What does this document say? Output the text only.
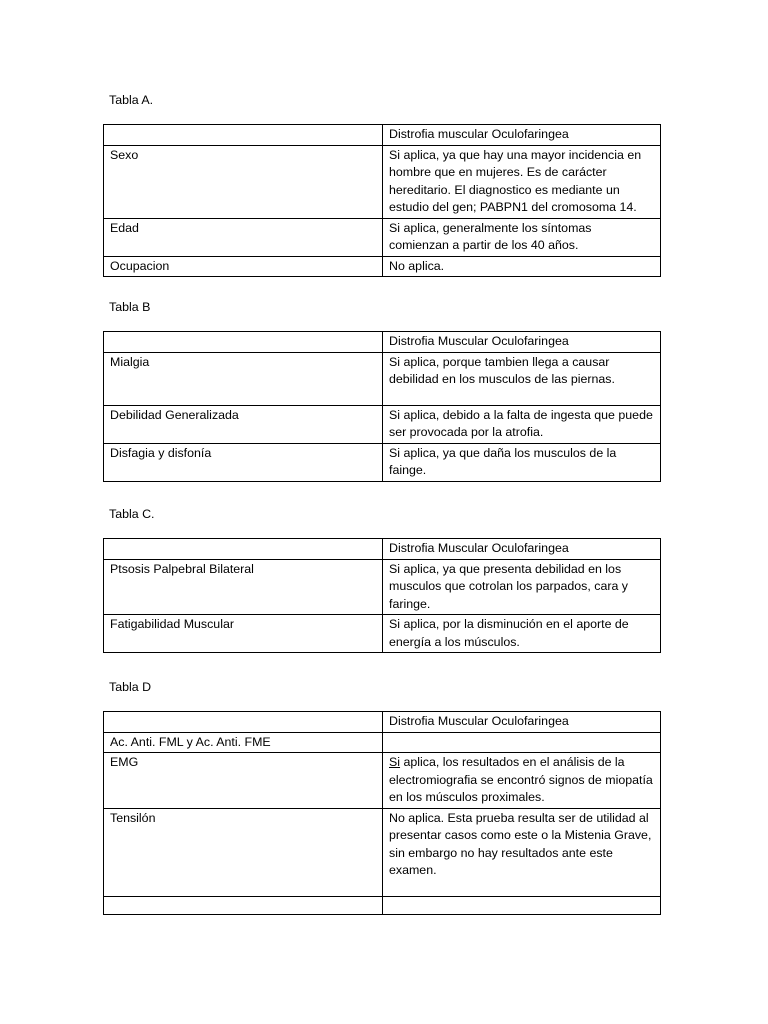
Tabla A.

	Distrofia muscular Oculofaringea
Sexo	Si aplica, ya que hay una mayor incidencia en hombre que en mujeres. Es de carácter hereditario. El diagnostico es mediante un estudio del gen; PABPN1 del cromosoma 14.
Edad	Si aplica, generalmente los síntomas comienzan a partir de los 40 años.
Ocupacion	No aplica.

Tabla B

	Distrofia Muscular Oculofaringea
Mialgia	Si aplica, porque tambien llega a causar debilidad en los musculos de las piernas.
Debilidad Generalizada	Si aplica, debido a la falta de ingesta que puede ser provocada por la atrofia.
Disfagia y disfonía	Si aplica, ya que daña los musculos de la fainge.

Tabla C.

	Distrofia Muscular Oculofaringea
Ptsosis Palpebral Bilateral	Si aplica, ya que presenta debilidad en los musculos que cotrolan los parpados, cara y faringe.
Fatigabilidad Muscular	Si aplica, por la disminución en el aporte de energía a los músculos.

Tabla D

	Distrofia Muscular Oculofaringea
Ac. Anti. FML y Ac. Anti. FME	
EMG	Si aplica, los resultados en el análisis de la electromiografia se encontró signos de miopatía en los músculos proximales.
Tensilón	No aplica. Esta prueba resulta ser de utilidad al presentar casos como este o la Mistenia Grave, sin embargo no hay resultados ante este examen.
